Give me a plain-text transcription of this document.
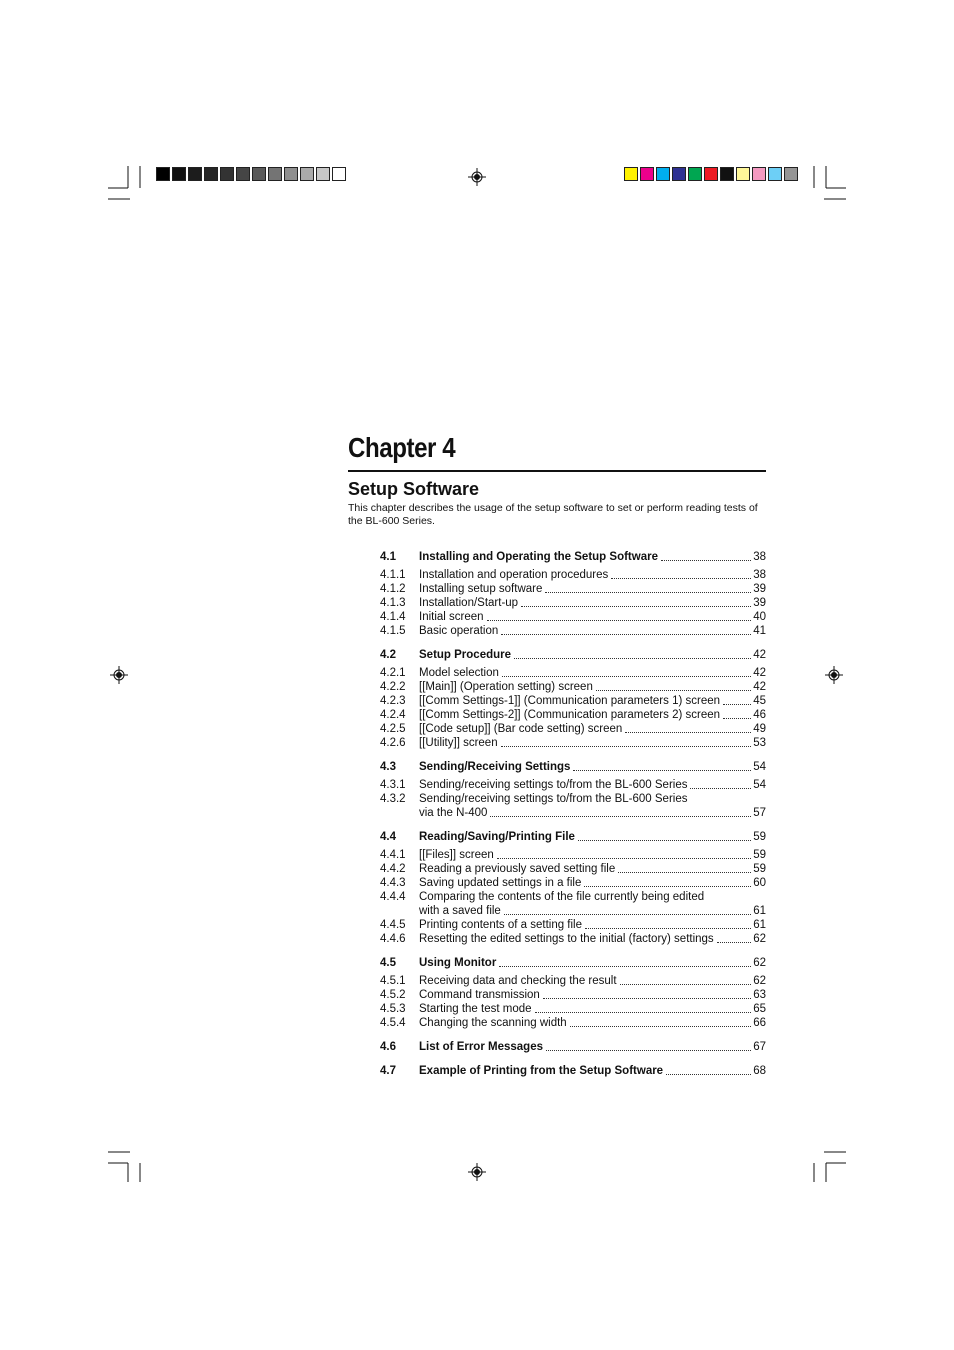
Chapter 4
Setup Software

This chapter describes the usage of the setup software to set or perform reading tests of the BL-600 Series.

4.1	Installing and Operating the Setup Software	38
4.1.1	Installation and operation procedures	38
4.1.2	Installing setup software	39
4.1.3	Installation/Start-up	39
4.1.4	Initial screen	40
4.1.5	Basic operation	41
4.2	Setup Procedure	42
4.2.1	Model selection	42
4.2.2	[[Main]] (Operation setting) screen	42
4.2.3	[[Comm Settings-1]] (Communication parameters 1) screen	45
4.2.4	[[Comm Settings-2]] (Communication parameters 2) screen	46
4.2.5	[[Code setup]] (Bar code setting) screen	49
4.2.6	[[Utility]] screen	53
4.3	Sending/Receiving Settings	54
4.3.1	Sending/receiving settings to/from the BL-600 Series	54
4.3.2	Sending/receiving settings to/from the BL-600 Series
via the N-400	57
4.4	Reading/Saving/Printing File	59
4.4.1	[[Files]] screen	59
4.4.2	Reading a previously saved setting file	59
4.4.3	Saving updated settings in a file	60
4.4.4	Comparing the contents of the file currently being edited
with a saved file	61
4.4.5	Printing contents of a setting file	61
4.4.6	Resetting the edited settings to the initial (factory) settings	62
4.5	Using Monitor	62
4.5.1	Receiving data and checking the result	62
4.5.2	Command transmission	63
4.5.3	Starting the test mode	65
4.5.4	Changing the scanning width	66
4.6	List of Error Messages	67
4.7	Example of Printing from the Setup Software	68
